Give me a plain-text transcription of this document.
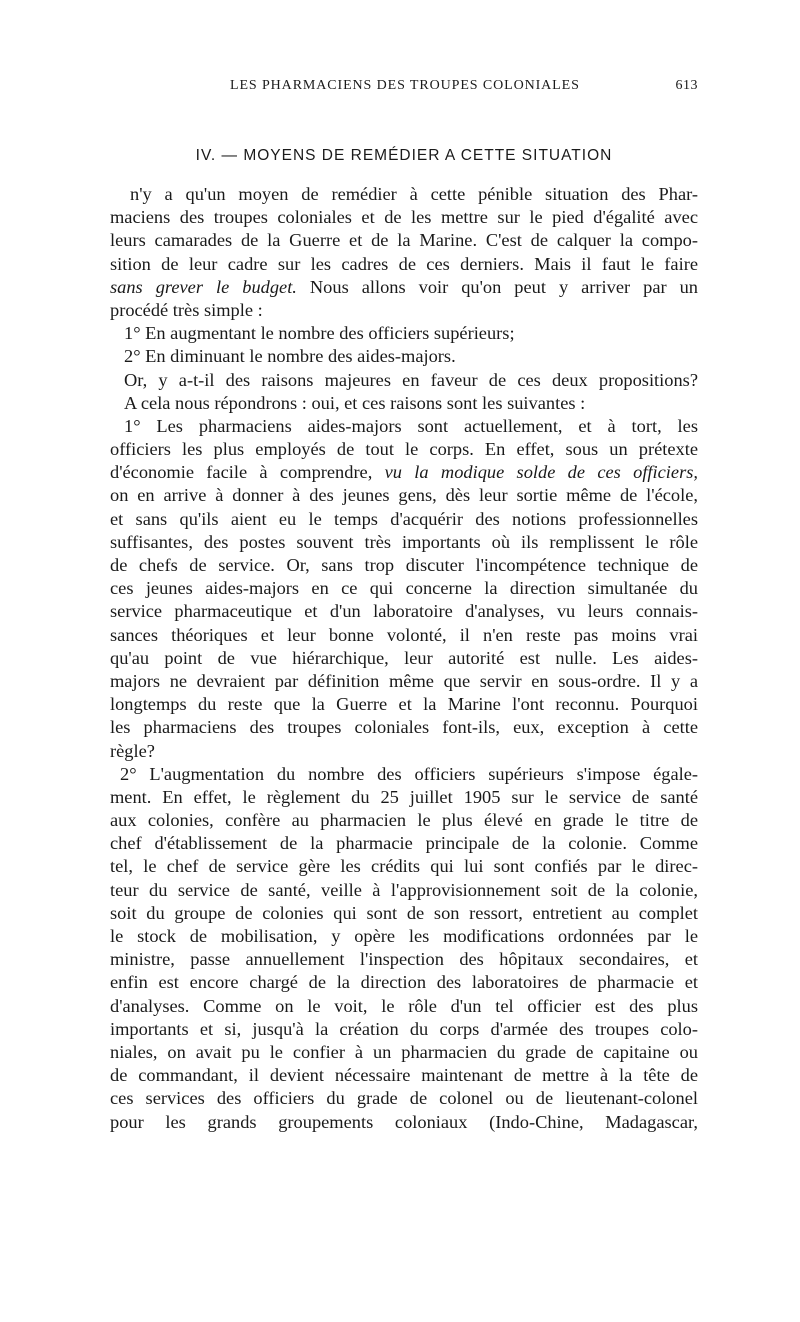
LES PHARMACIENS DES TROUPES COLONIALES	613
IV. — MOYENS DE REMÉDIER A CETTE SITUATION
n'y a qu'un moyen de remédier à cette pénible situation des Phar-
maciens des troupes coloniales et de les mettre sur le pied d'égalité avec
leurs camarades de la Guerre et de la Marine. C'est de calquer la compo-
sition de leur cadre sur les cadres de ces derniers. Mais il faut le faire
sans grever le budget. Nous allons voir qu'on peut y arriver par un
procédé très simple :
1° En augmentant le nombre des officiers supérieurs;
2° En diminuant le nombre des aides-majors.
Or, y a-t-il des raisons majeures en faveur de ces deux propositions?
A cela nous répondrons : oui, et ces raisons sont les suivantes :
1° Les pharmaciens aides-majors sont actuellement, et à tort, les
officiers les plus employés de tout le corps. En effet, sous un prétexte
d'économie facile à comprendre, vu la modique solde de ces officiers,
on en arrive à donner à des jeunes gens, dès leur sortie même de l'école,
et sans qu'ils aient eu le temps d'acquérir des notions professionnelles
suffisantes, des postes souvent très importants où ils remplissent le rôle
de chefs de service. Or, sans trop discuter l'incompétence technique de
ces jeunes aides-majors en ce qui concerne la direction simultanée du
service pharmaceutique et d'un laboratoire d'analyses, vu leurs connais-
sances théoriques et leur bonne volonté, il n'en reste pas moins vrai
qu'au point de vue hiérarchique, leur autorité est nulle. Les aides-
majors ne devraient par définition même que servir en sous-ordre. Il y a
longtemps du reste que la Guerre et la Marine l'ont reconnu. Pourquoi
les pharmaciens des troupes coloniales font-ils, eux, exception à cette
règle?
2° L'augmentation du nombre des officiers supérieurs s'impose égale-
ment. En effet, le règlement du 25 juillet 1905 sur le service de santé
aux colonies, confère au pharmacien le plus élevé en grade le titre de
chef d'établissement de la pharmacie principale de la colonie. Comme
tel, le chef de service gère les crédits qui lui sont confiés par le direc-
teur du service de santé, veille à l'approvisionnement soit de la colonie,
soit du groupe de colonies qui sont de son ressort, entretient au complet
le stock de mobilisation, y opère les modifications ordonnées par le
ministre, passe annuellement l'inspection des hôpitaux secondaires, et
enfin est encore chargé de la direction des laboratoires de pharmacie et
d'analyses. Comme on le voit, le rôle d'un tel officier est des plus
importants et si, jusqu'à la création du corps d'armée des troupes colo-
niales, on avait pu le confier à un pharmacien du grade de capitaine ou
de commandant, il devient nécessaire maintenant de mettre à la tête de
ces services des officiers du grade de colonel ou de lieutenant-colonel
pour les grands groupements coloniaux (Indo-Chine, Madagascar,
